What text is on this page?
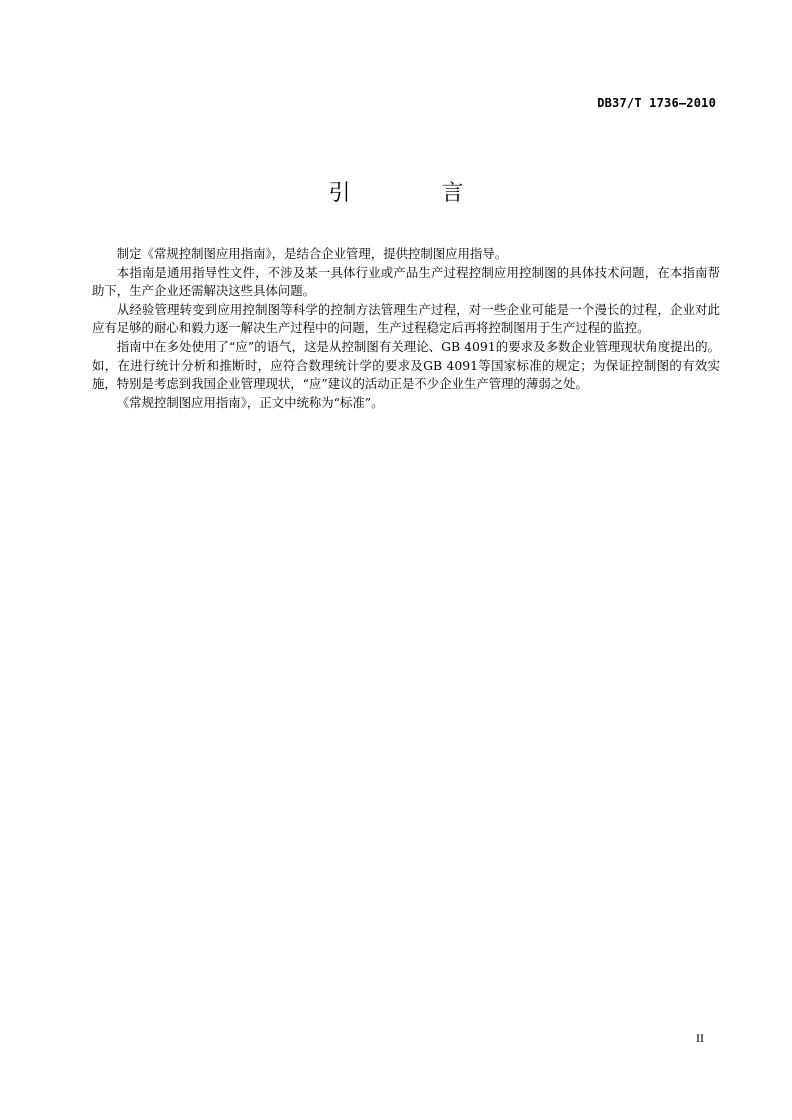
DB37/T 1736—2010
引 言

制定《常规控制图应用指南》，是结合企业管理，提供控制图应用指导。

本指南是通用指导性文件，不涉及某一具体行业或产品生产过程控制应用控制图的具体技术问题，在本指南帮助下，生产企业还需解决这些具体问题。

从经验管理转变到应用控制图等科学的控制方法管理生产过程，对一些企业可能是一个漫长的过程，企业对此应有足够的耐心和毅力逐一解决生产过程中的问题，生产过程稳定后再将控制图用于生产过程的监控。

指南中在多处使用了“应”的语气，这是从控制图有关理论、GB 4091的要求及多数企业管理现状角度提出的。如，在进行统计分析和推断时，应符合数理统计学的要求及GB 4091等国家标准的规定；为保证控制图的有效实施，特别是考虑到我国企业管理现状，“应”建议的活动正是不少企业生产管理的薄弱之处。

《常规控制图应用指南》，正文中统称为“标准”。

II
